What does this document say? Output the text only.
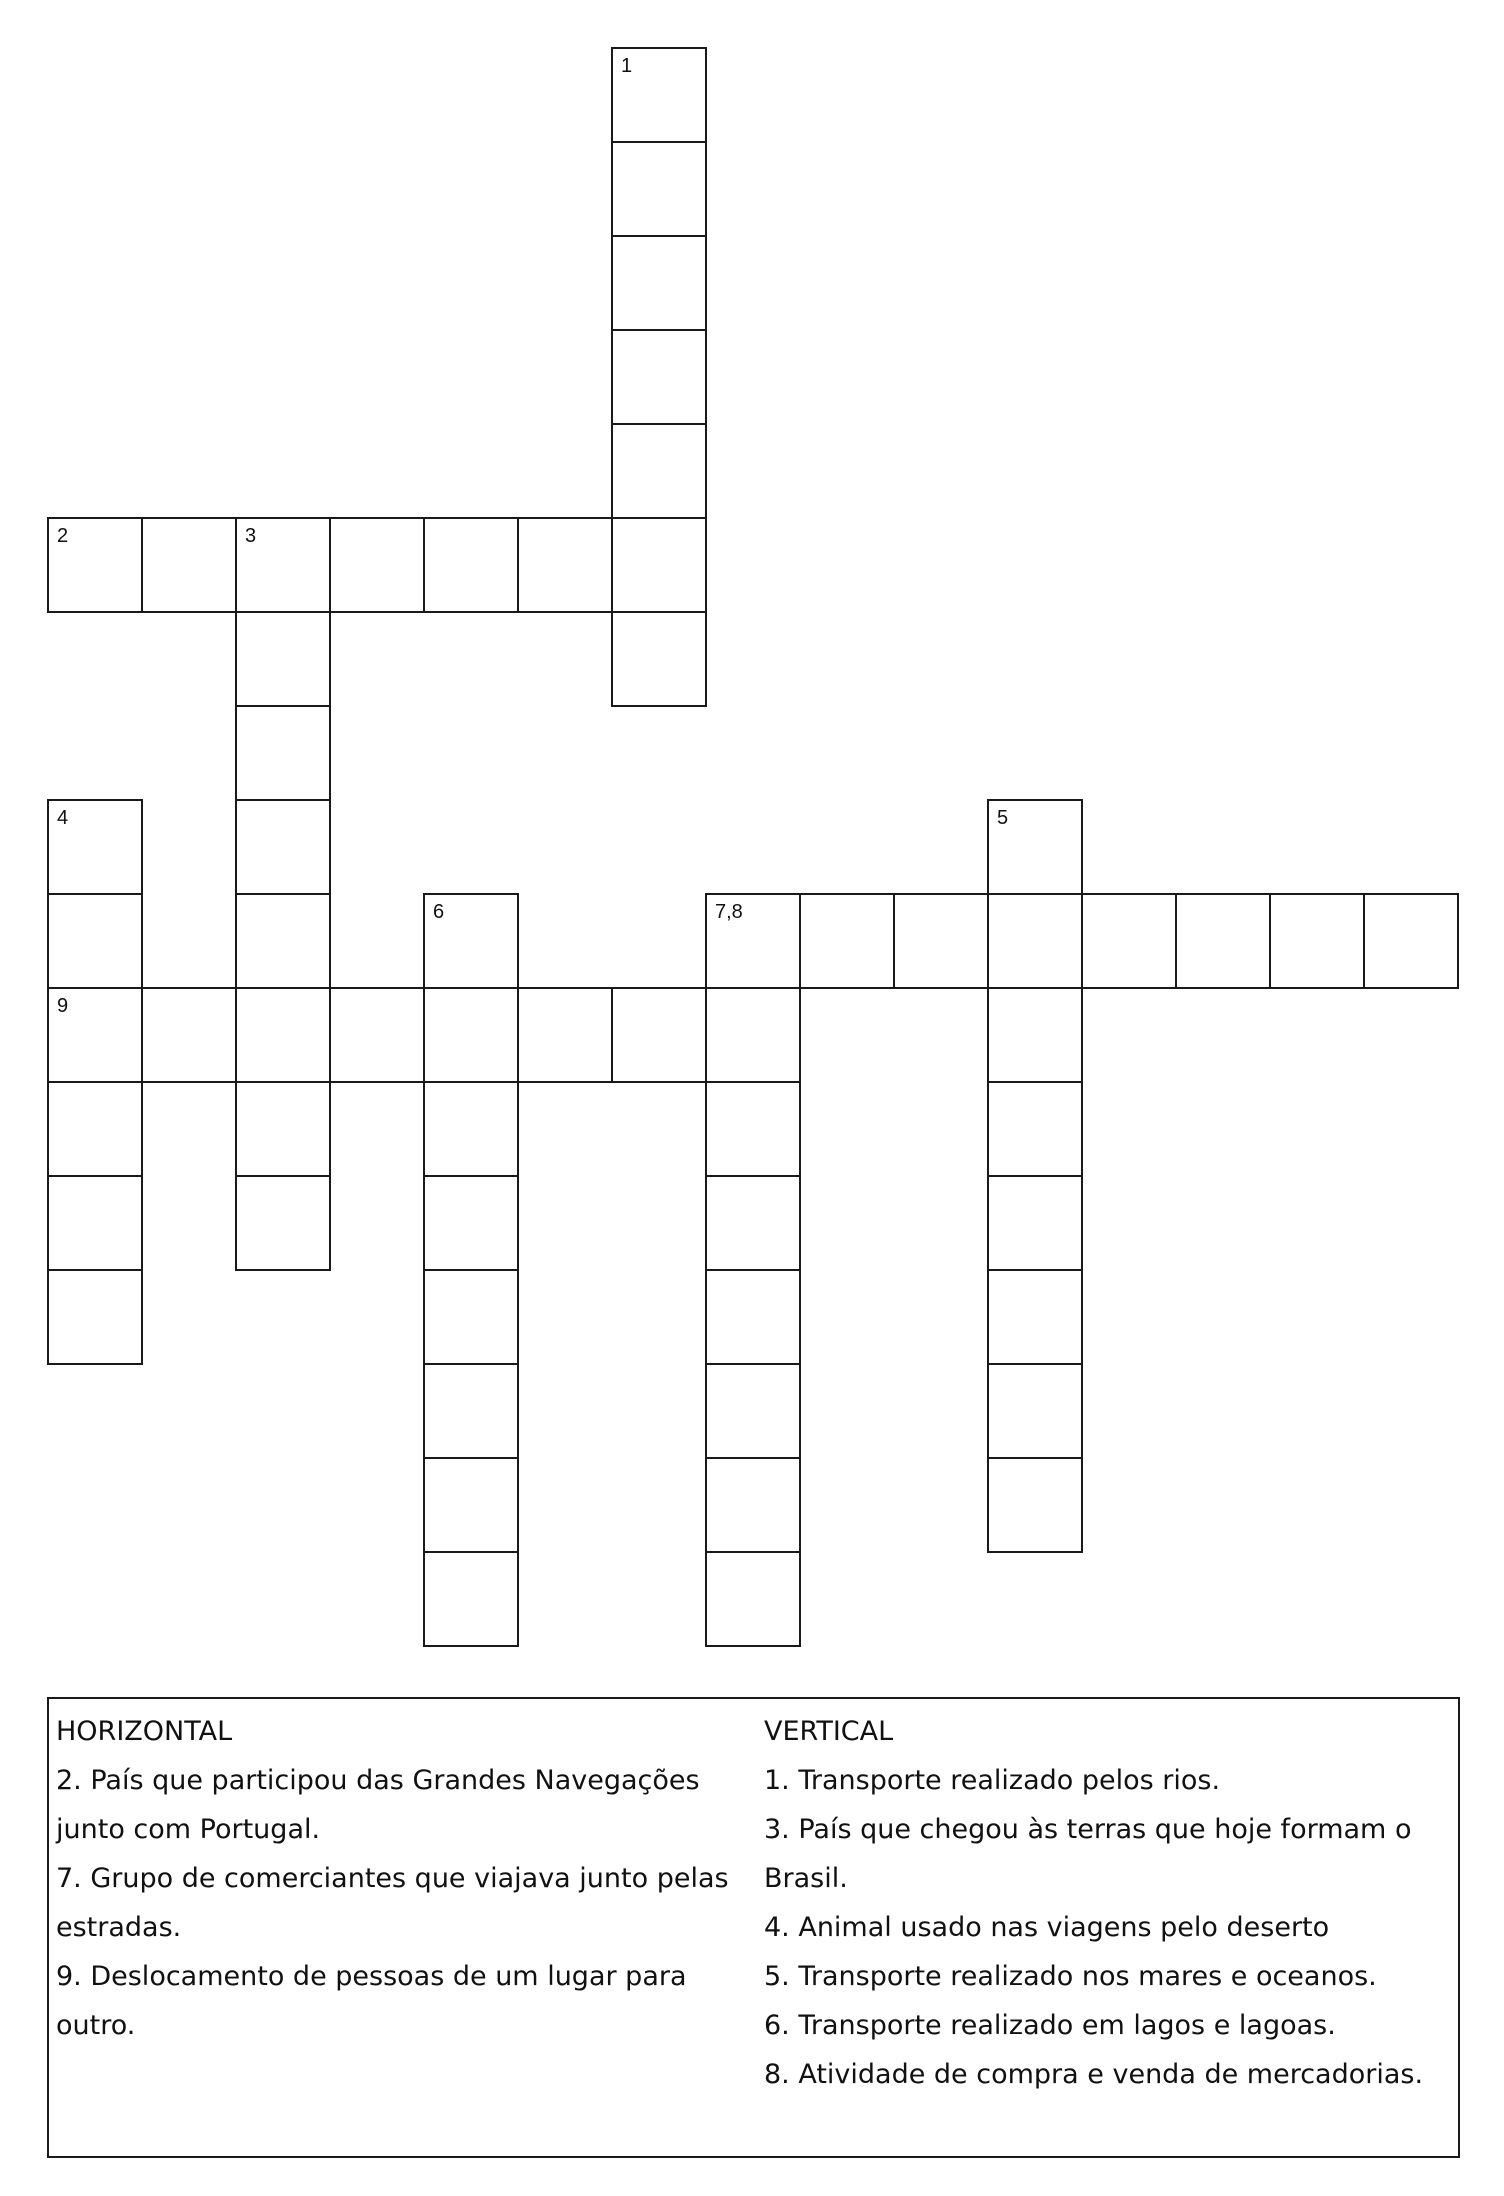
1
2	3
4
9
5
6	7,8
HORIZONTAL
2. País que participou das Grandes Navegações
junto com Portugal.
7. Grupo de comerciantes que viajava junto pelas
estradas.
9. Deslocamento de pessoas de um lugar para
outro.
VERTICAL
1. Transporte realizado pelos rios.
3. País que chegou às terras que hoje formam o
Brasil.
4. Animal usado nas viagens pelo deserto
5. Transporte realizado nos mares e oceanos.
6. Transporte realizado em lagos e lagoas.
8. Atividade de compra e venda de mercadorias.
